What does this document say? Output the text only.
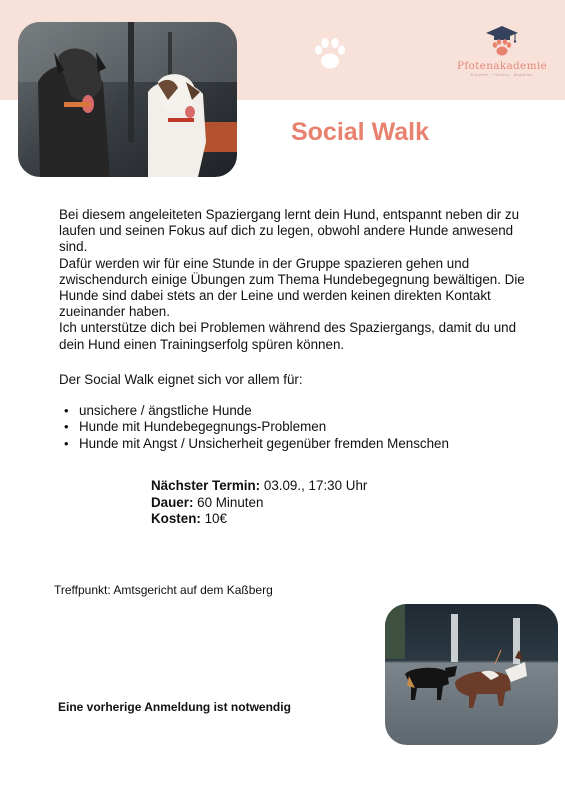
Pfotenakademie
Erziehen · Fördern · Begleiten
Social Walk

Bei diesem angeleiteten Spaziergang lernt dein Hund, entspannt neben dir zu laufen und seinen Fokus auf dich zu legen, obwohl andere Hunde anwesend sind.

Dafür werden wir für eine Stunde in der Gruppe spazieren gehen und zwischendurch einige Übungen zum Thema Hundebegegnung bewältigen. Die Hunde sind dabei stets an der Leine und werden keinen direkten Kontakt zueinander haben.

Ich unterstütze dich bei Problemen während des Spaziergangs, damit du und dein Hund einen Trainingserfolg spüren können.

Der Social Walk eignet sich vor allem für:

• unsichere / ängstliche Hunde
• Hunde mit Hundebegegnungs-Problemen
• Hunde mit Angst / Unsicherheit gegenüber fremden Menschen
Nächster Termin: 03.09., 17:30 Uhr
Dauer: 60 Minuten
Kosten: 10€
Treffpunkt: Amtsgericht auf dem Kaßberg
Eine vorherige Anmeldung ist notwendig
